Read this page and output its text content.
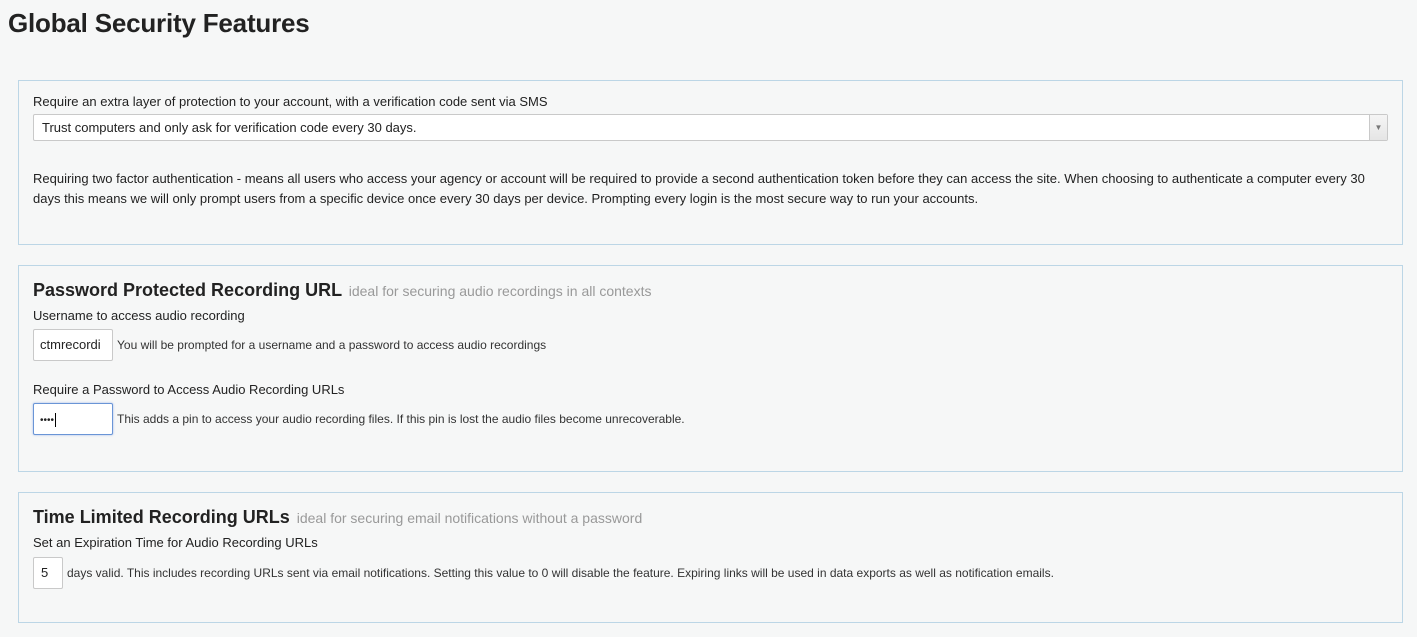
Global Security Features
Require an extra layer of protection to your account, with a verification code sent via SMS
Trust computers and only ask for verification code every 30 days.	▼
Requiring two factor authentication - means all users who access your agency or account will be required to provide a second authentication token before they can access the site. When choosing to authenticate a computer every 30 days this means we will only prompt users from a specific device once every 30 days per device. Prompting every login is the most secure way to run your accounts.
Password Protected Recording URL ideal for securing audio recordings in all contexts
Username to access audio recording
ctmrecordi	You will be prompted for a username and a password to access audio recordings
Require a Password to Access Audio Recording URLs
••••	This adds a pin to access your audio recording files. If this pin is lost the audio files become unrecoverable.
Time Limited Recording URLs ideal for securing email notifications without a password
Set an Expiration Time for Audio Recording URLs
5	days valid. This includes recording URLs sent via email notifications. Setting this value to 0 will disable the feature. Expiring links will be used in data exports as well as notification emails.
